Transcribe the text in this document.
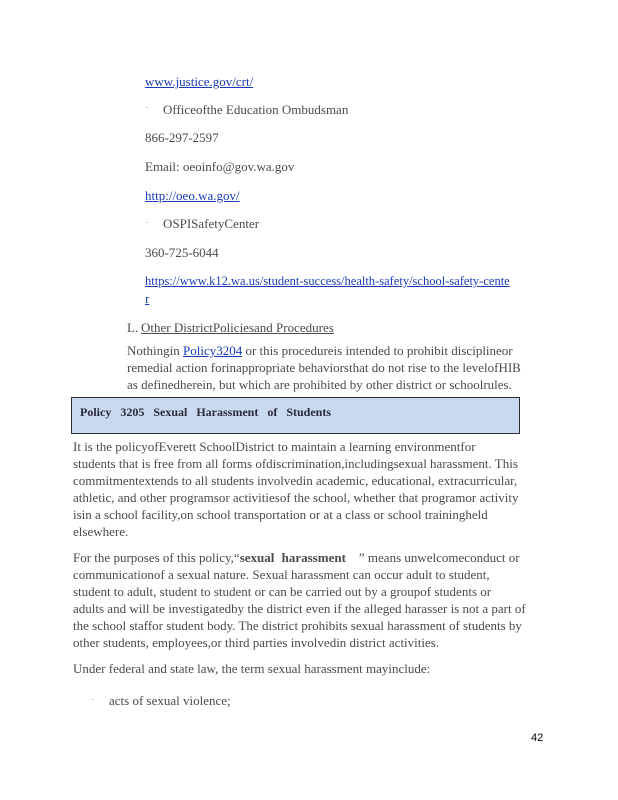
www.justice.gov/crt/
· Officeofthe Education Ombudsman
866-297-2597
Email: oeoinfo@gov.wa.gov
http://oeo.wa.gov/
· OSPISafetyCenter
360-725-6044
https://www.k12.wa.us/student-success/health-safety/school-safety-cente
r
L. Other DistrictPoliciesand Procedures
Nothingin Policy3204 or this procedureis intended to prohibit disciplineor
remedial action forinappropriate behaviorsthat do not rise to the levelofHIB
as definedherein, but which are prohibited by other district or schoolrules.
Policy 3205 Sexual Harassment of Students
It is the policyofEverett SchoolDistrict to maintain a learning environmentfor
students that is free from all forms ofdiscrimination,includingsexual harassment. This
commitmentextends to all students involvedin academic, educational, extracurricular,
athletic, and other programsor activitiesof the school, whether that programor activity
isin a school facility,on school transportation or at a class or school trainingheld
elsewhere.
For the purposes of this policy,“sexual harassment    ” means unwelcomeconduct or
communicationof a sexual nature. Sexual harassment can occur adult to student,
student to adult, student to student or can be carried out by a groupof students or
adults and will be investigatedby the district even if the alleged harasser is not a part of
the school staffor student body. The district prohibits sexual harassment of students by
other students, employees,or third parties involvedin district activities.
Under federal and state law, the term sexual harassment mayinclude:
· acts of sexual violence;
42
